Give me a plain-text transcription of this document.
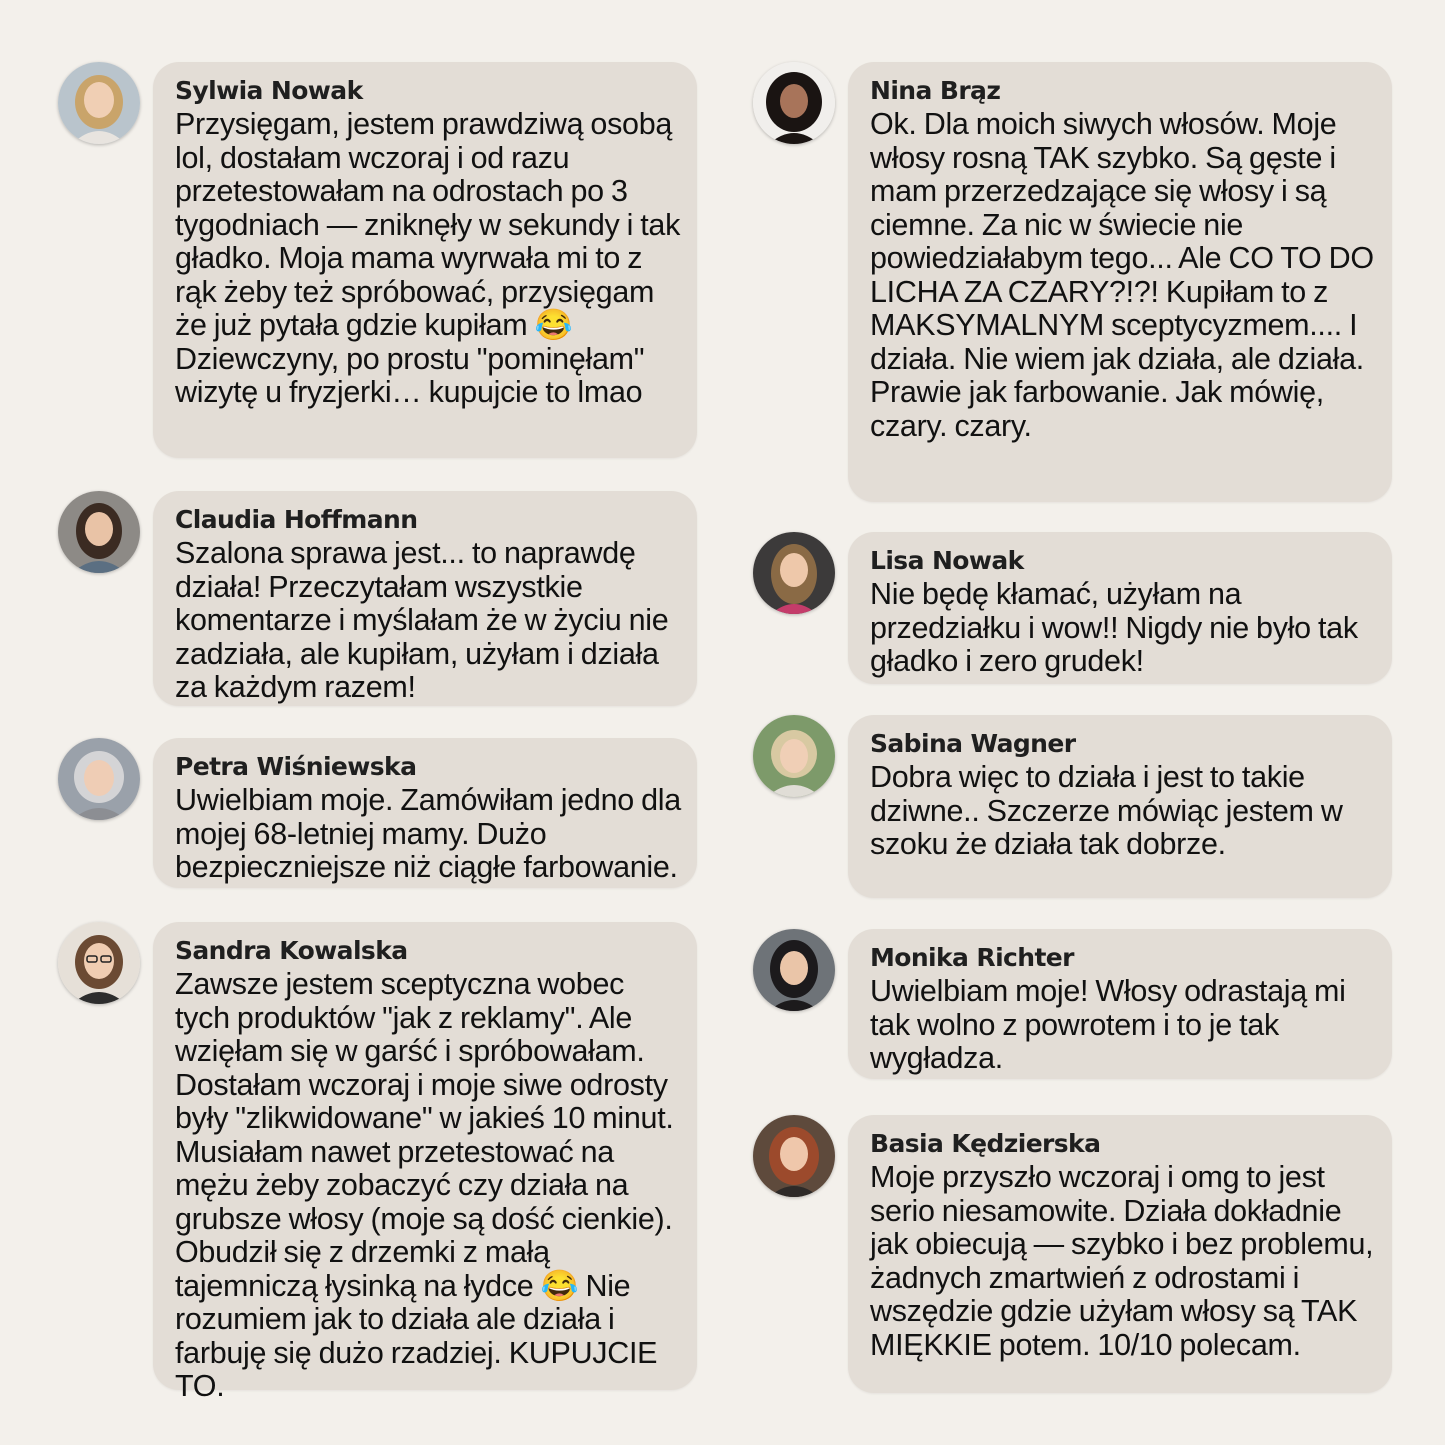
Sylwia Nowak
Przysięgam, jestem prawdziwą osobą lol, dostałam wczoraj i od razu przetestowałam na odrostach po 3 tygodniach — zniknęły w sekundy i tak gładko. Moja mama wyrwała mi to z rąk żeby też spróbować, przysięgam że już pytała gdzie kupiłam 😂 Dziewczyny, po prostu "pominęłam" wizytę u fryzjerki… kupujcie to lmao
Claudia Hoffmann
Szalona sprawa jest... to naprawdę działa! Przeczytałam wszystkie komentarze i myślałam że w życiu nie zadziała, ale kupiłam, użyłam i działa za każdym razem!
Petra Wiśniewska
Uwielbiam moje. Zamówiłam jedno dla mojej 68-letniej mamy. Dużo bezpieczniejsze niż ciągłe farbowanie.
Sandra Kowalska
Zawsze jestem sceptyczna wobec tych produktów "jak z reklamy". Ale wzięłam się w garść i spróbowałam. Dostałam wczoraj i moje siwe odrosty były "zlikwidowane" w jakieś 10 minut. Musiałam nawet przetestować na mężu żeby zobaczyć czy działa na grubsze włosy (moje są dość cienkie). Obudził się z drzemki z małą tajemniczą łysinką na łydce 😂 Nie rozumiem jak to działa ale działa i farbuję się dużo rzadziej. KUPUJCIE TO.
Nina Brąz
Ok. Dla moich siwych włosów. Moje włosy rosną TAK szybko. Są gęste i mam przerzedzające się włosy i są ciemne. Za nic w świecie nie powiedziałabym tego... Ale CO TO DO LICHA ZA CZARY?!?! Kupiłam to z MAKSYMALNYM sceptycyzmem.... I działa. Nie wiem jak działa, ale działa. Prawie jak farbowanie. Jak mówię, czary. czary.
Lisa Nowak
Nie będę kłamać, użyłam na przedziałku i wow!! Nigdy nie było tak gładko i zero grudek!
Sabina Wagner
Dobra więc to działa i jest to takie dziwne.. Szczerze mówiąc jestem w szoku że działa tak dobrze.
Monika Richter
Uwielbiam moje! Włosy odrastają mi tak wolno z powrotem i to je tak wygładza.
Basia Kędzierska
Moje przyszło wczoraj i omg to jest serio niesamowite. Działa dokładnie jak obiecują — szybko i bez problemu, żadnych zmartwień z odrostami i wszędzie gdzie użyłam włosy są TAK MIĘKKIE potem. 10/10 polecam.
